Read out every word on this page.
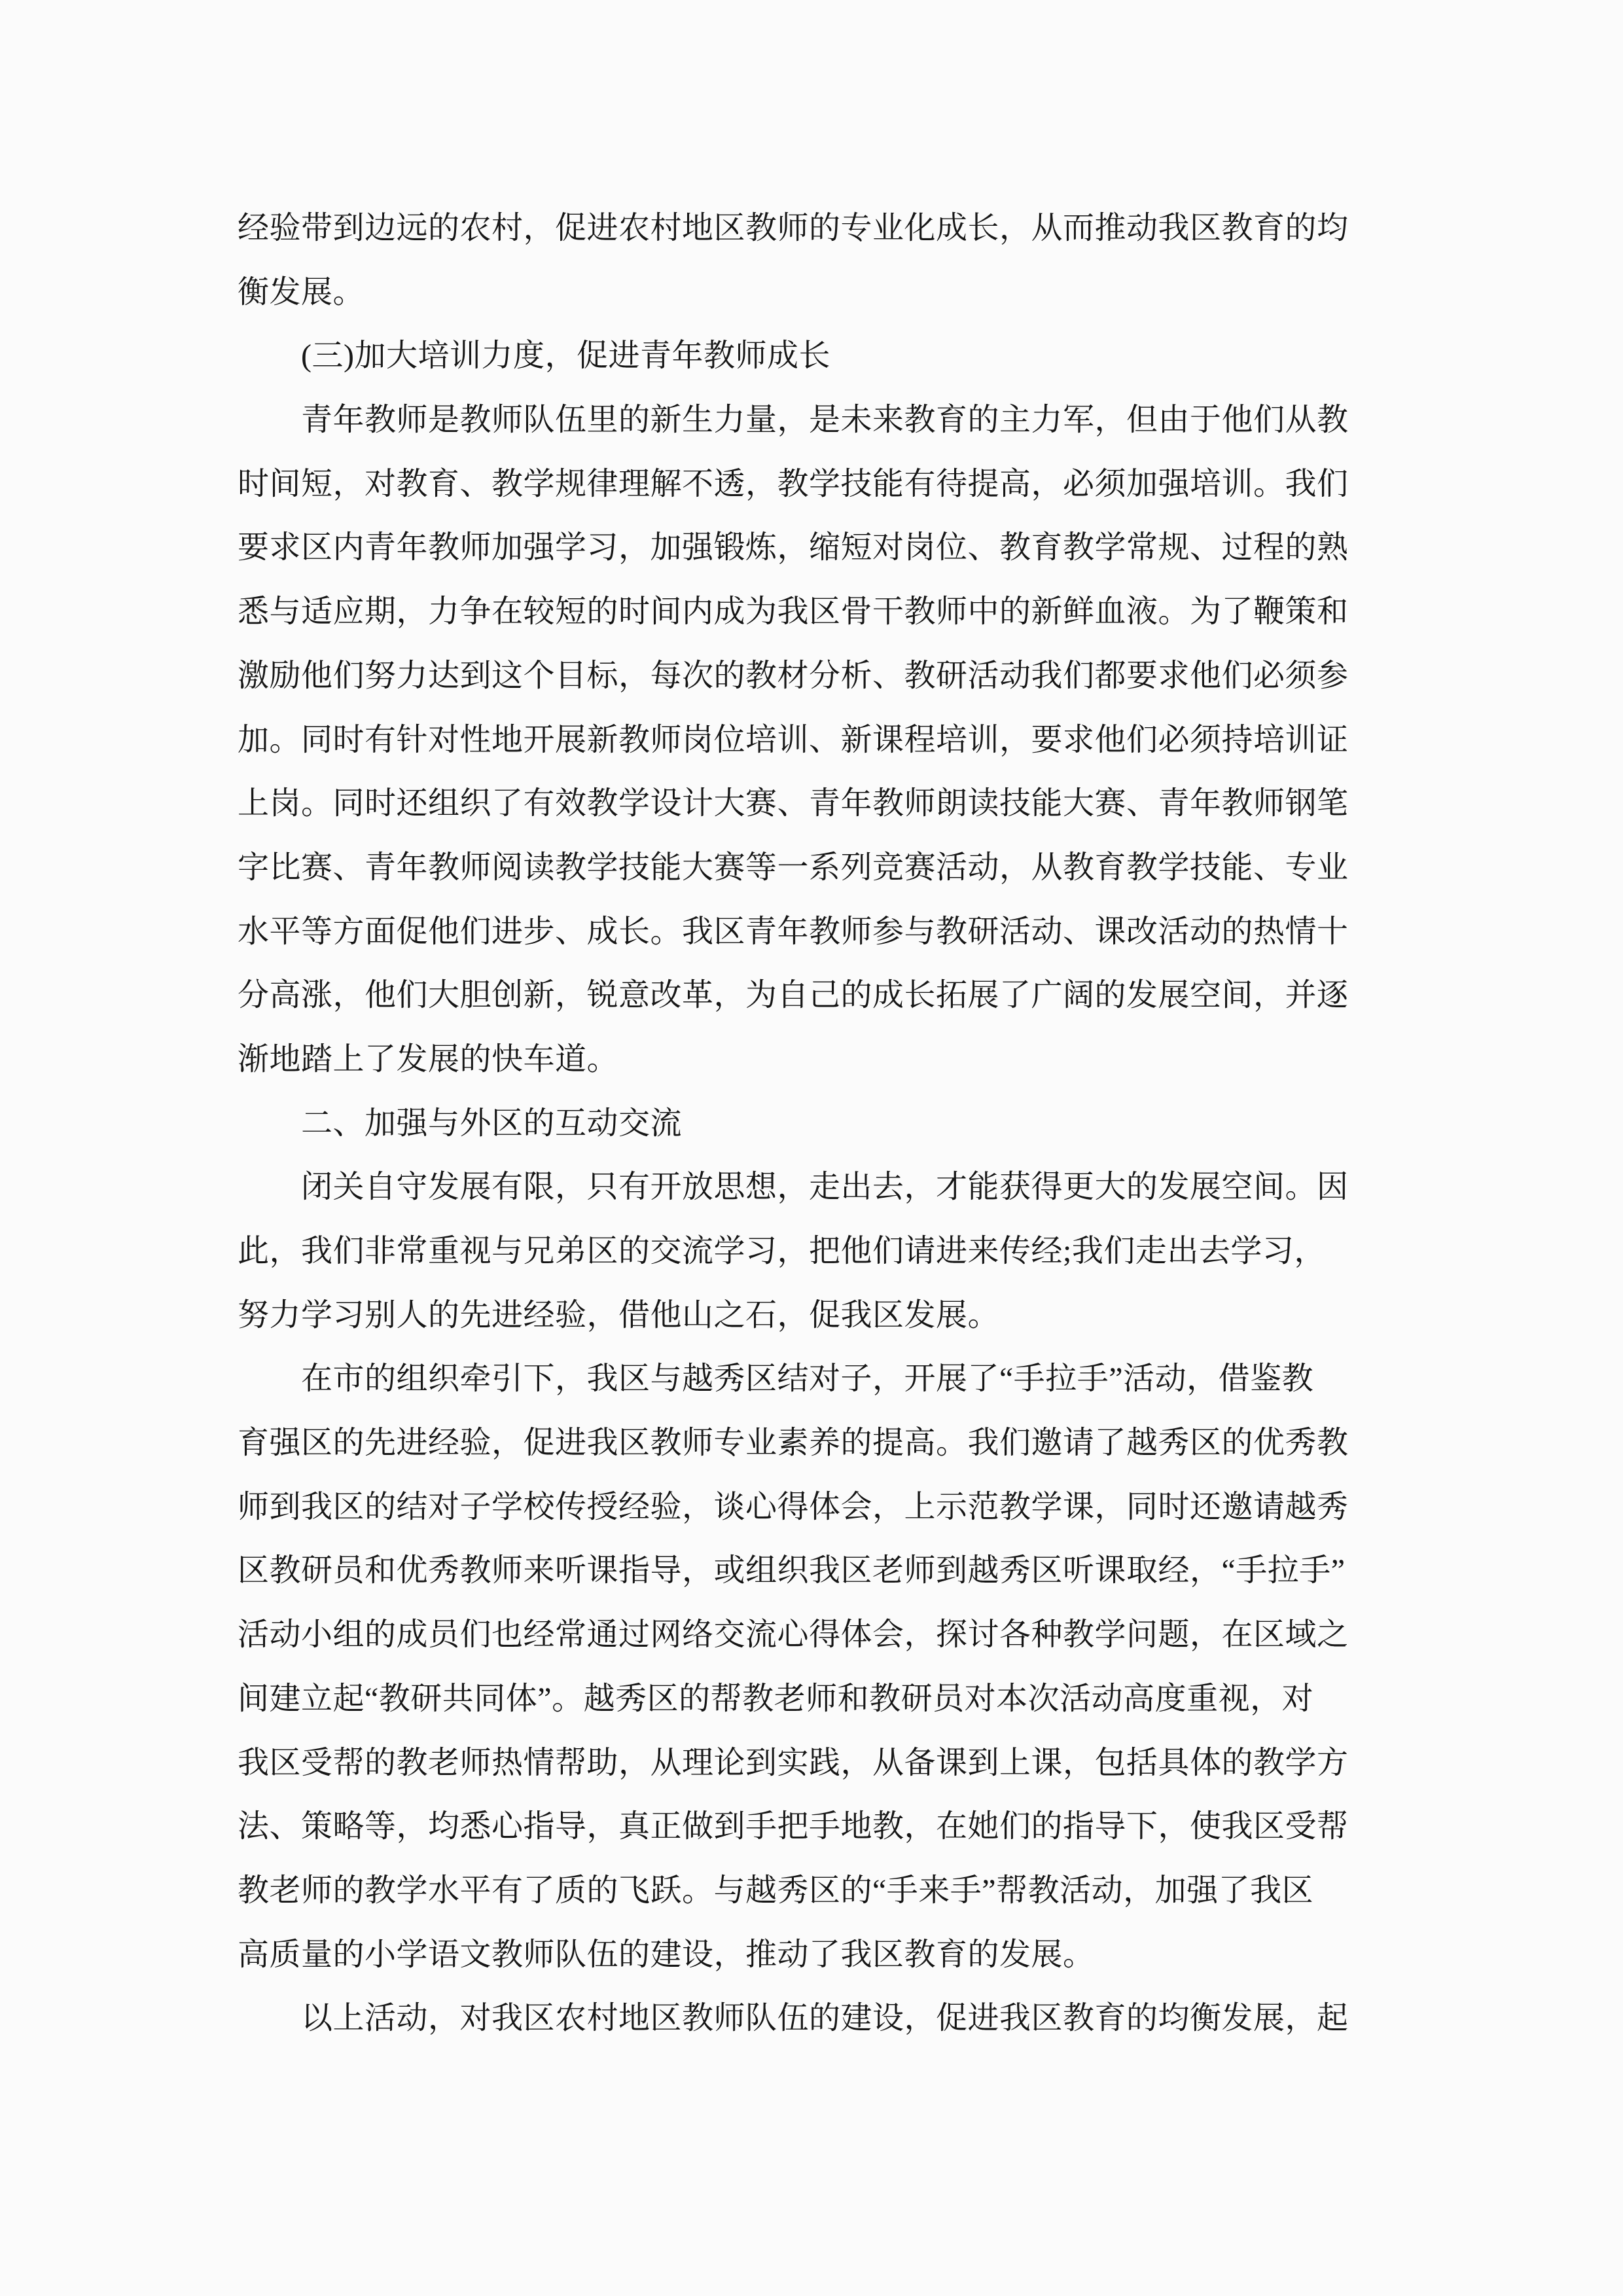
经验带到边远的农村，促进农村地区教师的专业化成长，从而推动我区教育的均
衡发展。
(三)加大培训力度，促进青年教师成长
青年教师是教师队伍里的新生力量，是未来教育的主力军，但由于他们从教
时间短，对教育、教学规律理解不透，教学技能有待提高，必须加强培训。我们
要求区内青年教师加强学习，加强锻炼，缩短对岗位、教育教学常规、过程的熟
悉与适应期，力争在较短的时间内成为我区骨干教师中的新鲜血液。为了鞭策和
激励他们努力达到这个目标，每次的教材分析、教研活动我们都要求他们必须参
加。同时有针对性地开展新教师岗位培训、新课程培训，要求他们必须持培训证
上岗。同时还组织了有效教学设计大赛、青年教师朗读技能大赛、青年教师钢笔
字比赛、青年教师阅读教学技能大赛等一系列竞赛活动，从教育教学技能、专业
水平等方面促他们进步、成长。我区青年教师参与教研活动、课改活动的热情十
分高涨，他们大胆创新，锐意改革，为自己的成长拓展了广阔的发展空间，并逐
渐地踏上了发展的快车道。
二、加强与外区的互动交流
闭关自守发展有限，只有开放思想，走出去，才能获得更大的发展空间。因
此，我们非常重视与兄弟区的交流学习，把他们请进来传经;我们走出去学习，
努力学习别人的先进经验，借他山之石，促我区发展。
在市的组织牵引下，我区与越秀区结对子，开展了“手拉手”活动，借鉴教
育强区的先进经验，促进我区教师专业素养的提高。我们邀请了越秀区的优秀教
师到我区的结对子学校传授经验，谈心得体会，上示范教学课，同时还邀请越秀
区教研员和优秀教师来听课指导，或组织我区老师到越秀区听课取经，“手拉手”
活动小组的成员们也经常通过网络交流心得体会，探讨各种教学问题，在区域之
间建立起“教研共同体”。越秀区的帮教老师和教研员对本次活动高度重视，对
我区受帮的教老师热情帮助，从理论到实践，从备课到上课，包括具体的教学方
法、策略等，均悉心指导，真正做到手把手地教，在她们的指导下，使我区受帮
教老师的教学水平有了质的飞跃。与越秀区的“手来手”帮教活动，加强了我区
高质量的小学语文教师队伍的建设，推动了我区教育的发展。
以上活动，对我区农村地区教师队伍的建设，促进我区教育的均衡发展，起
